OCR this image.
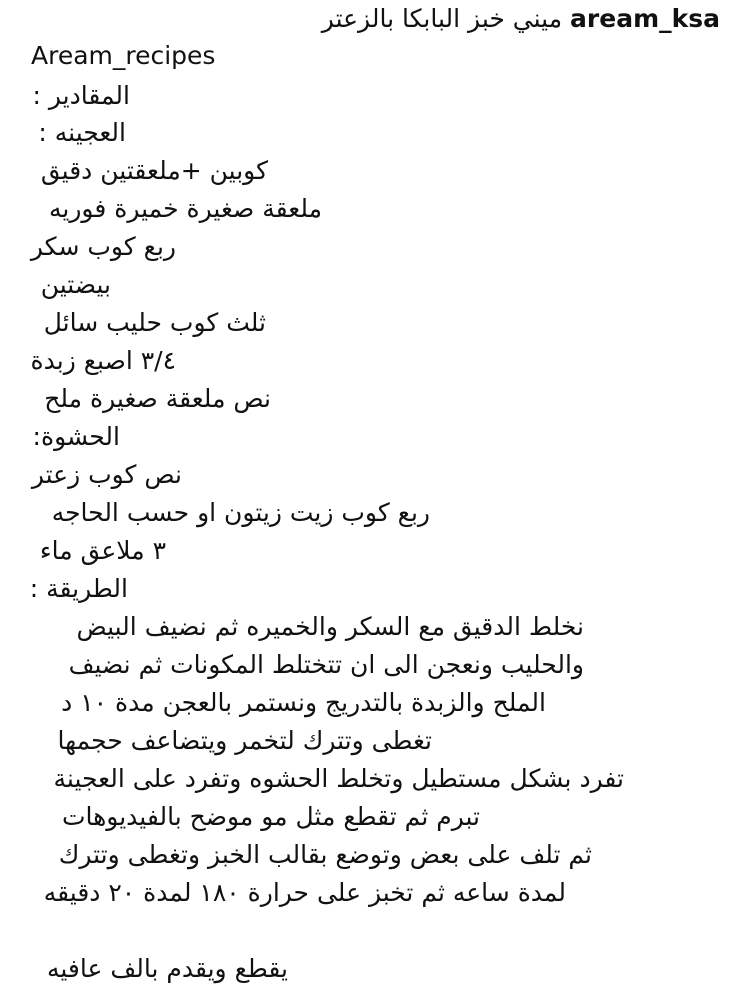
aream_ksa ميني خبز البابكا بالزعتر
Aream_recipes
المقادير :
العجينه :
كوبين +ملعقتين دقيق
ملعقة صغيرة خميرة فوريه
ربع كوب سكر
بيضتين
ثلث كوب حليب سائل
٣/٤ اصبع زبدة
نص ملعقة صغيرة ملح
الحشوة:
نص كوب زعتر
ربع كوب زيت زيتون او حسب الحاجه
٣ ملاعق ماء
الطريقة :
نخلط الدقيق مع السكر والخميره ثم نضيف البيض
والحليب ونعجن الى ان تتختلط المكونات ثم نضيف
الملح والزبدة بالتدريج ونستمر بالعجن مدة ١٠ د
تغطى وتترك لتخمر ويتضاعف حجمها
تفرد بشكل مستطيل وتخلط الحشوه وتفرد على العجينة
تبرم ثم تقطع مثل مو موضح بالفيديوهات
ثم تلف على بعض وتوضع بقالب الخبز وتغطى وتترك
لمدة ساعه ثم تخبز على حرارة ١٨٠ لمدة ٢٠ دقيقه
يقطع ويقدم بالف عافيه
